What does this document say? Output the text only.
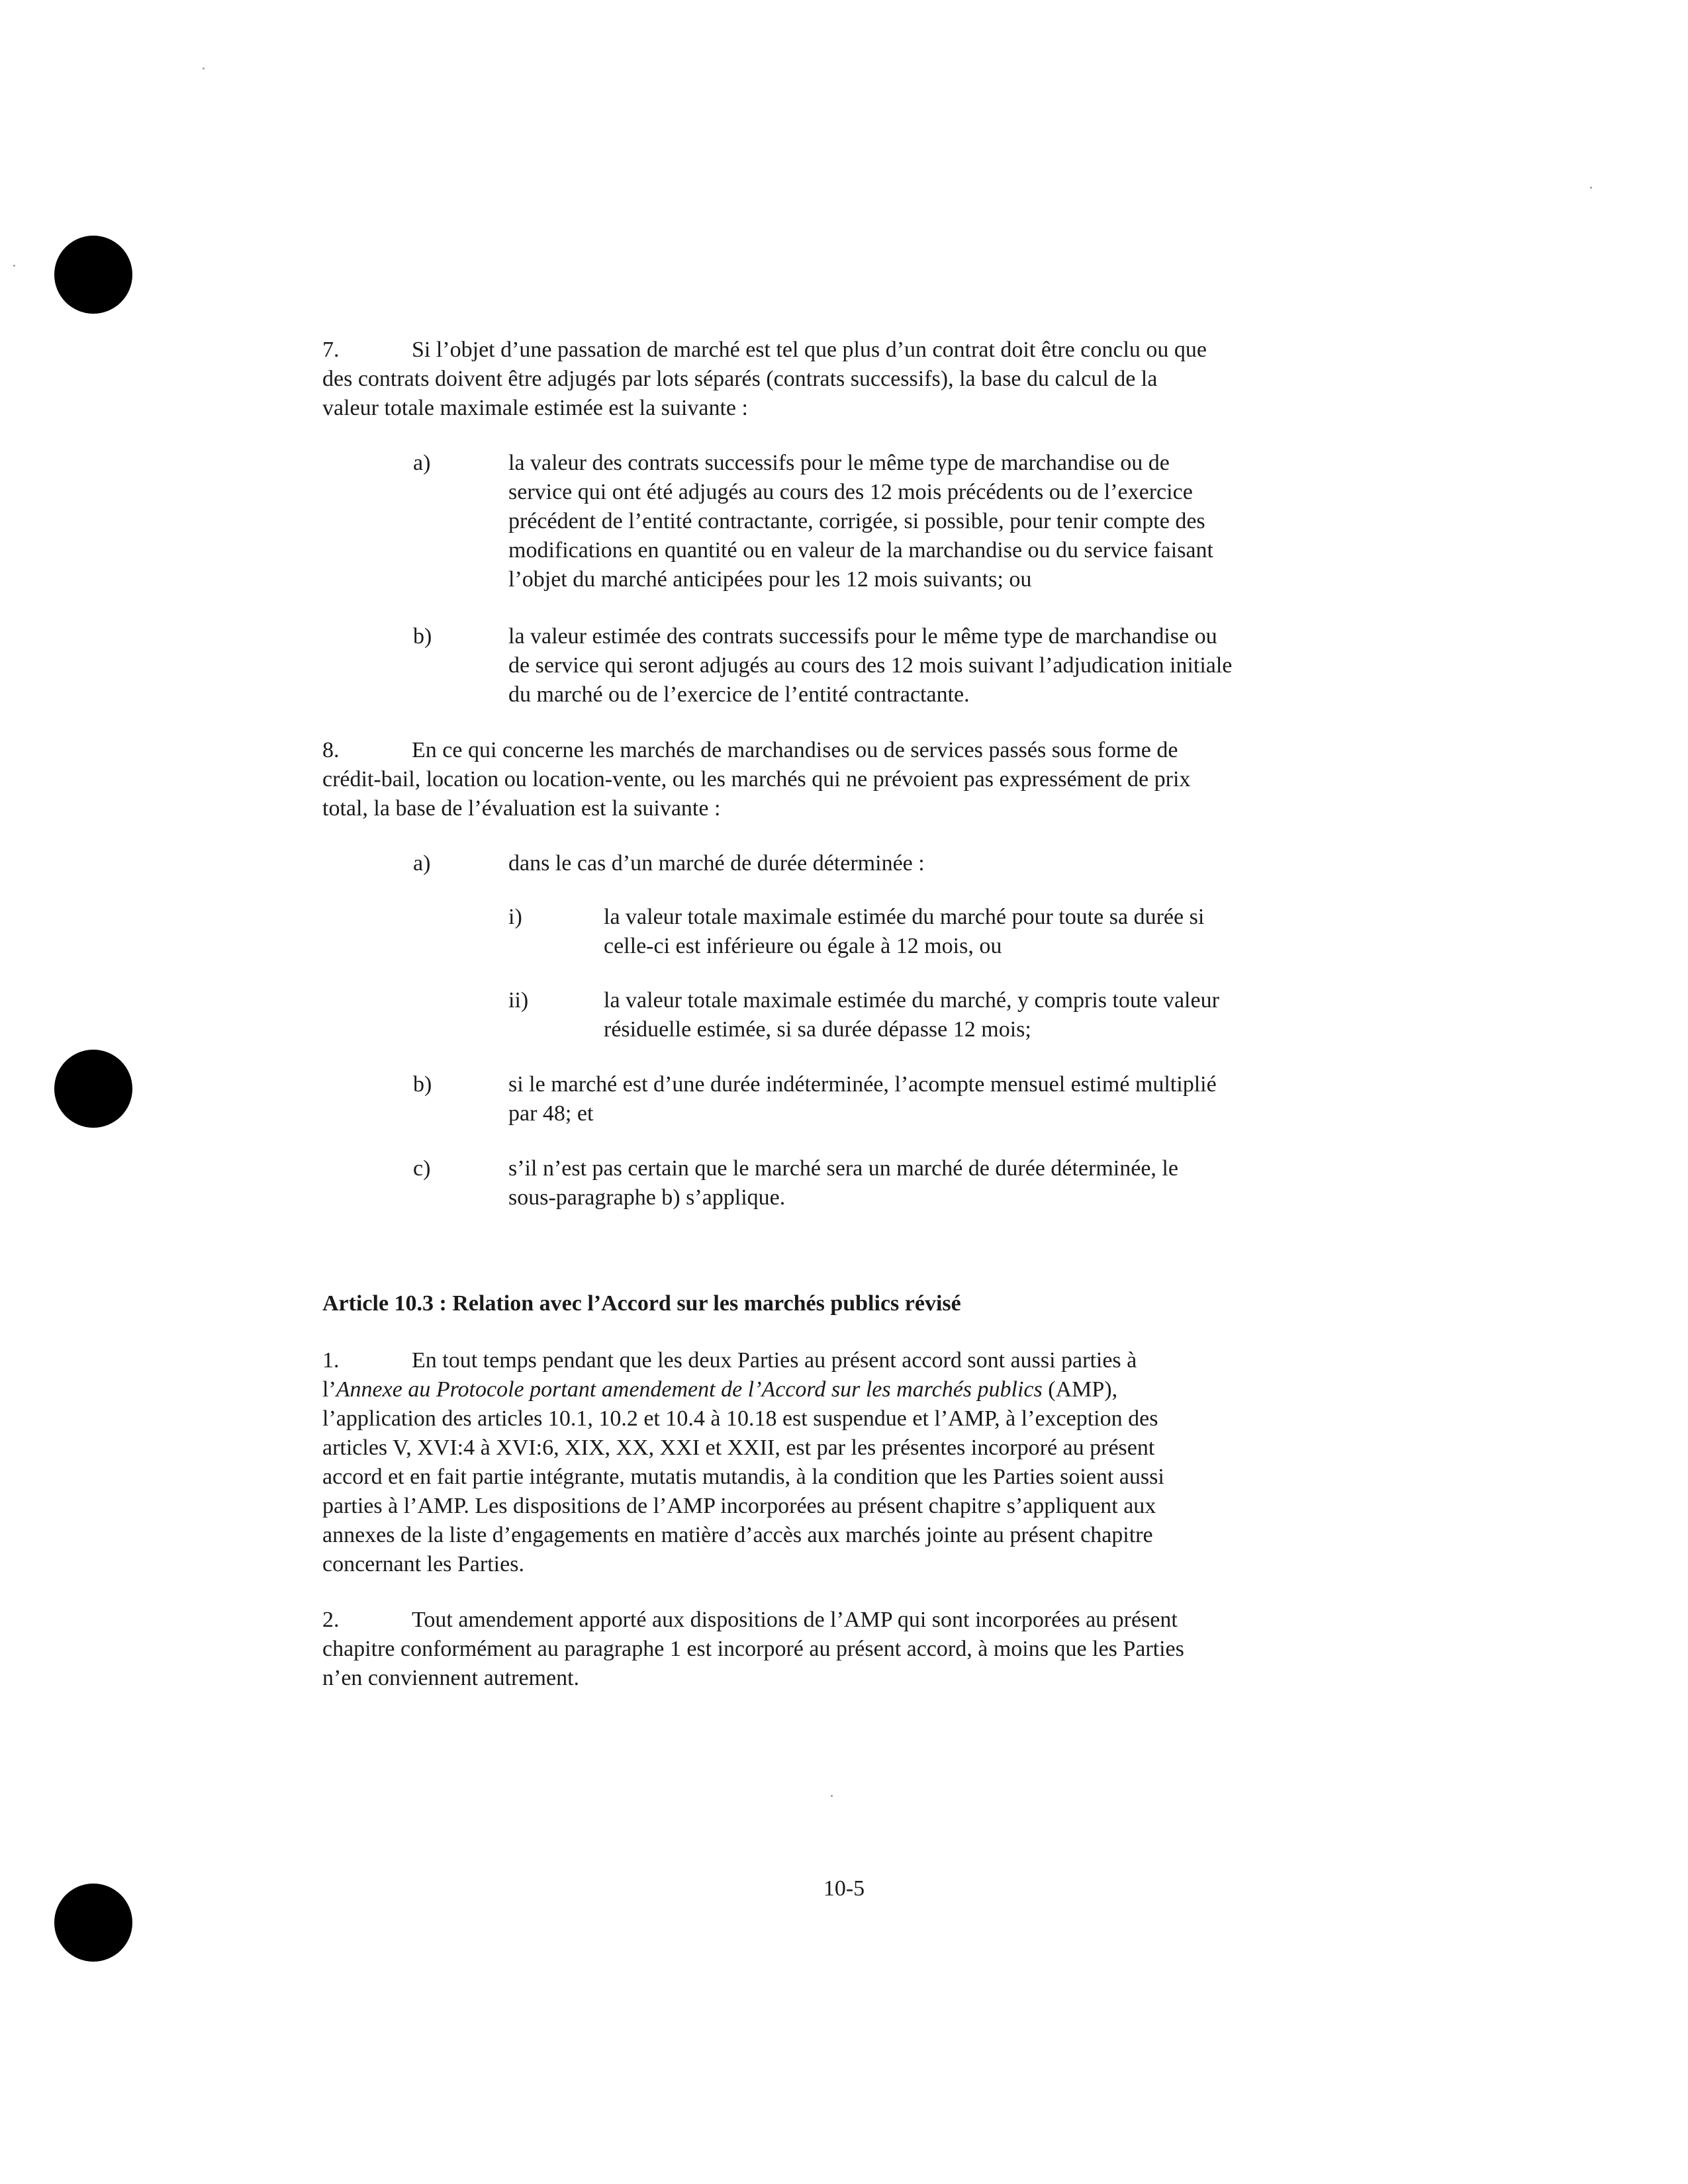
7.	Si l’objet d’une passation de marché est tel que plus d’un contrat doit être conclu ou que
des contrats doivent être adjugés par lots séparés (contrats successifs), la base du calcul de la
valeur totale maximale estimée est la suivante :
a)	la valeur des contrats successifs pour le même type de marchandise ou de
service qui ont été adjugés au cours des 12 mois précédents ou de l’exercice
précédent de l’entité contractante, corrigée, si possible, pour tenir compte des
modifications en quantité ou en valeur de la marchandise ou du service faisant
l’objet du marché anticipées pour les 12 mois suivants; ou
b)	la valeur estimée des contrats successifs pour le même type de marchandise ou
de service qui seront adjugés au cours des 12 mois suivant l’adjudication initiale
du marché ou de l’exercice de l’entité contractante.
8.	En ce qui concerne les marchés de marchandises ou de services passés sous forme de
crédit-bail, location ou location-vente, ou les marchés qui ne prévoient pas expressément de prix
total, la base de l’évaluation est la suivante :
a)	dans le cas d’un marché de durée déterminée :
i)	la valeur totale maximale estimée du marché pour toute sa durée si
celle-ci est inférieure ou égale à 12 mois, ou
ii)	la valeur totale maximale estimée du marché, y compris toute valeur
résiduelle estimée, si sa durée dépasse 12 mois;
b)	si le marché est d’une durée indéterminée, l’acompte mensuel estimé multiplié
par 48; et
c)	s’il n’est pas certain que le marché sera un marché de durée déterminée, le
sous-paragraphe b) s’applique.
Article 10.3 : Relation avec l’Accord sur les marchés publics révisé
1.	En tout temps pendant que les deux Parties au présent accord sont aussi parties à
l’Annexe au Protocole portant amendement de l’Accord sur les marchés publics (AMP),
l’application des articles 10.1, 10.2 et 10.4 à 10.18 est suspendue et l’AMP, à l’exception des
articles V, XVI:4 à XVI:6, XIX, XX, XXI et XXII, est par les présentes incorporé au présent
accord et en fait partie intégrante, mutatis mutandis, à la condition que les Parties soient aussi
parties à l’AMP. Les dispositions de l’AMP incorporées au présent chapitre s’appliquent aux
annexes de la liste d’engagements en matière d’accès aux marchés jointe au présent chapitre
concernant les Parties.
2.	Tout amendement apporté aux dispositions de l’AMP qui sont incorporées au présent
chapitre conformément au paragraphe 1 est incorporé au présent accord, à moins que les Parties
n’en conviennent autrement.
10-5
